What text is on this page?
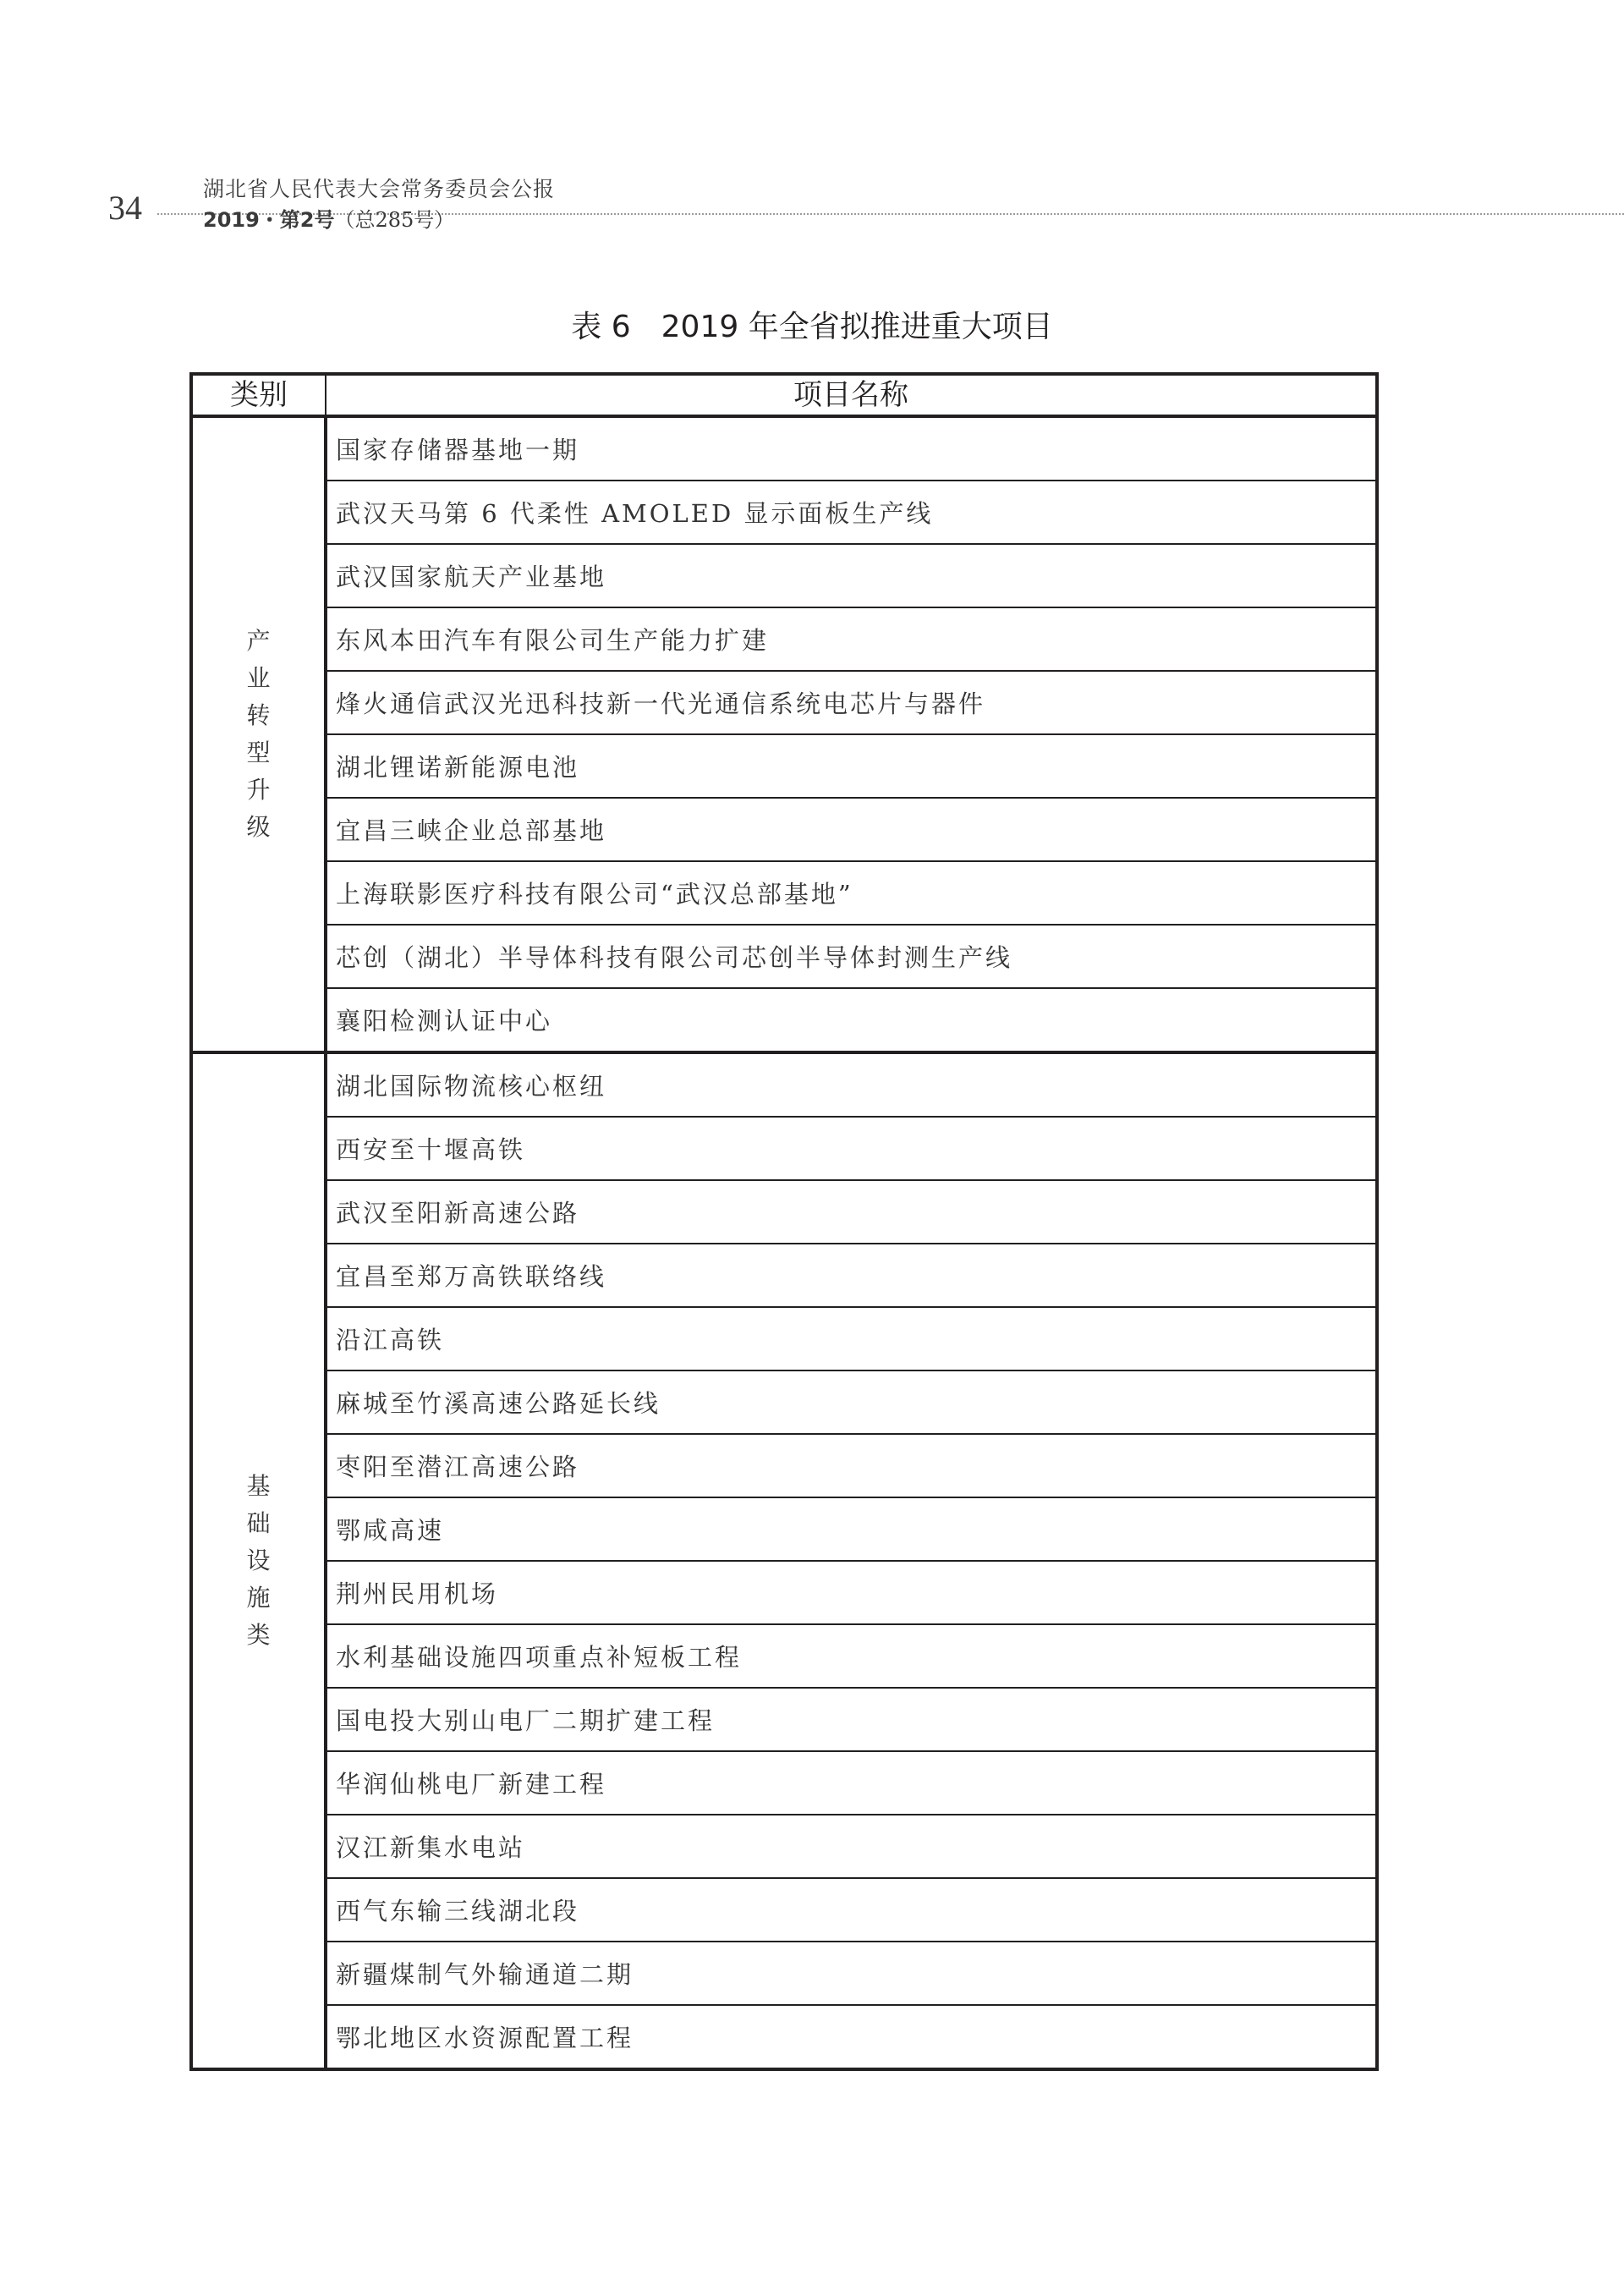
34	湖北省人民代表大会常务委员会公报
2019・第2号（总285号）
表 6　2019 年全省拟推进重大项目
类别	项目名称
产业转型升级	国家存储器基地一期
	武汉天马第 6 代柔性 AMOLED 显示面板生产线
	武汉国家航天产业基地
	东风本田汽车有限公司生产能力扩建
	烽火通信武汉光迅科技新一代光通信系统电芯片与器件
	湖北锂诺新能源电池
	宜昌三峡企业总部基地
	上海联影医疗科技有限公司“武汉总部基地”
	芯创（湖北）半导体科技有限公司芯创半导体封测生产线
	襄阳检测认证中心
基础设施类	湖北国际物流核心枢纽
	西安至十堰高铁
	武汉至阳新高速公路
	宜昌至郑万高铁联络线
	沿江高铁
	麻城至竹溪高速公路延长线
	枣阳至潜江高速公路
	鄂咸高速
	荆州民用机场
	水利基础设施四项重点补短板工程
	国电投大别山电厂二期扩建工程
	华润仙桃电厂新建工程
	汉江新集水电站
	西气东输三线湖北段
	新疆煤制气外输通道二期
	鄂北地区水资源配置工程
